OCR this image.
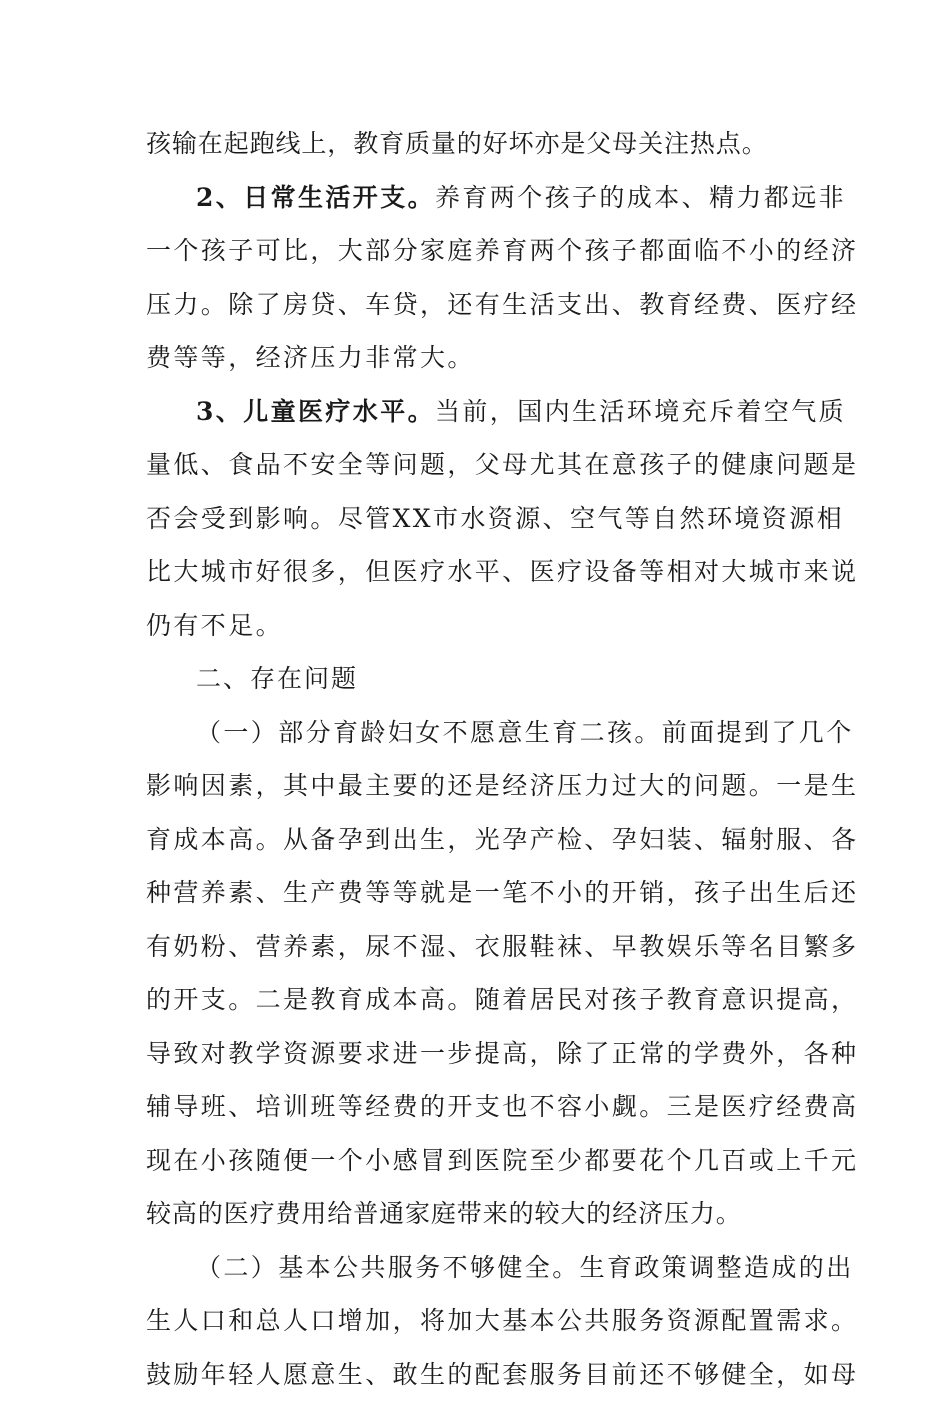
孩输在起跑线上，教育质量的好坏亦是父母关注热点。
2、日常生活开支。养育两个孩子的成本、精力都远非
一个孩子可比，大部分家庭养育两个孩子都面临不小的经济
压力。除了房贷、车贷，还有生活支出、教育经费、医疗经
费等等，经济压力非常大。
3、儿童医疗水平。当前，国内生活环境充斥着空气质
量低、食品不安全等问题，父母尤其在意孩子的健康问题是
否会受到影响。尽管XX市水资源、空气等自然环境资源相
比大城市好很多，但医疗水平、医疗设备等相对大城市来说
仍有不足。
二、存在问题
（一）部分育龄妇女不愿意生育二孩。前面提到了几个
影响因素，其中最主要的还是经济压力过大的问题。一是生
育成本高。从备孕到出生，光孕产检、孕妇装、辐射服、各
种营养素、生产费等等就是一笔不小的开销，孩子出生后还
有奶粉、营养素，尿不湿、衣服鞋袜、早教娱乐等名目繁多
的开支。二是教育成本高。随着居民对孩子教育意识提高，
导致对教学资源要求进一步提高，除了正常的学费外，各种
辅导班、培训班等经费的开支也不容小觑。三是医疗经费高
现在小孩随便一个小感冒到医院至少都要花个几百或上千元
较高的医疗费用给普通家庭带来的较大的经济压力。
（二）基本公共服务不够健全。生育政策调整造成的出
生人口和总人口增加，将加大基本公共服务资源配置需求。
鼓励年轻人愿意生、敢生的配套服务目前还不够健全，如母
